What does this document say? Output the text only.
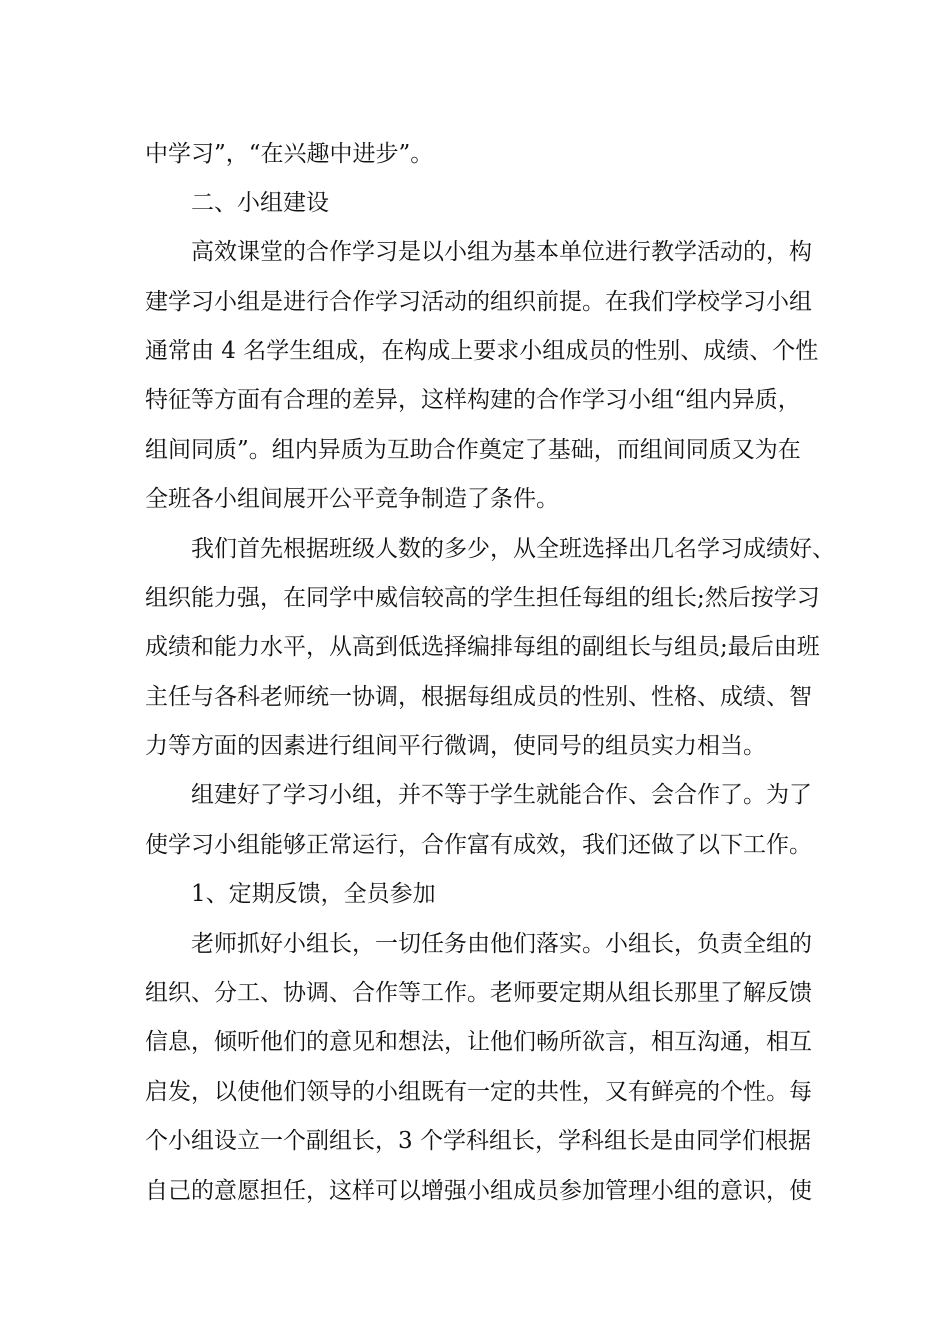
中学习”，“在兴趣中进步”。
二、小组建设
高效课堂的合作学习是以小组为基本单位进行教学活动的，构
建学习小组是进行合作学习活动的组织前提。在我们学校学习小组
通常由 4 名学生组成，在构成上要求小组成员的性别、成绩、个性
特征等方面有合理的差异，这样构建的合作学习小组“组内异质，
组间同质”。组内异质为互助合作奠定了基础，而组间同质又为在
全班各小组间展开公平竞争制造了条件。
我们首先根据班级人数的多少，从全班选择出几名学习成绩好、
组织能力强，在同学中威信较高的学生担任每组的组长;然后按学习
成绩和能力水平，从高到低选择编排每组的副组长与组员;最后由班
主任与各科老师统一协调，根据每组成员的性别、性格、成绩、智
力等方面的因素进行组间平行微调，使同号的组员实力相当。
组建好了学习小组，并不等于学生就能合作、会合作了。为了
使学习小组能够正常运行，合作富有成效，我们还做了以下工作。
1、定期反馈，全员参加
老师抓好小组长，一切任务由他们落实。小组长，负责全组的
组织、分工、协调、合作等工作。老师要定期从组长那里了解反馈
信息，倾听他们的意见和想法，让他们畅所欲言，相互沟通，相互
启发，以使他们领导的小组既有一定的共性，又有鲜亮的个性。每
个小组设立一个副组长，3 个学科组长，学科组长是由同学们根据
自己的意愿担任，这样可以增强小组成员参加管理小组的意识，使
